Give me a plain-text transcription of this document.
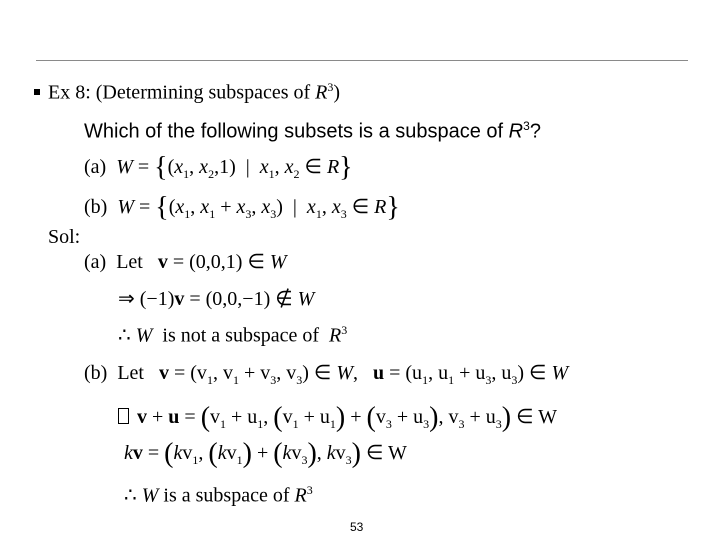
Ex 8: (Determining subspaces of $R^3$)
Which of the following subsets is a subspace of $R^3$?
(a) $W = \{(x_1$, $x_2,1$)  |  $x_1$, $x_2$ ∈ R}
(b) $W = \{(x_1$, $x_1 + x_3$, $x_3$)  |  $x_1$, $x_3$ ∈ R}
Sol:
(a)  Let   v = (0,0,1) ∈ W
⇒ (−1)v = (0,0,−1) ∉ W
∴ W  is not a subspace of  $R^3$
(b)  Let   $v = (v_1$, $v_1 + v_3$, $v_3$) ∈ W,   $u = (u_1$, $u_1 + u_3$, $u_3$) ∈ W
$v + u = (v_1 + u_1$, $(v_1 + u_1) + (v_3 + u_3)$, $v_3 + u_3$) ∈ W
kv = ($kv_1$, $(kv_1) + (kv_3)$, $kv_3$) ∈ W
∴ W is a subspace of $R^3$
53
